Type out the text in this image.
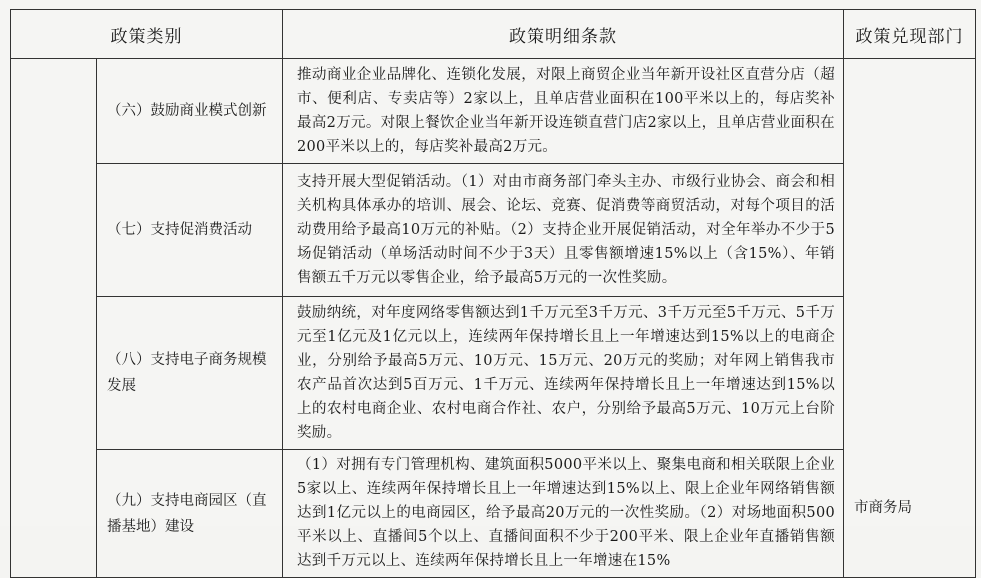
政策类别		政策明细条款	政策兑现部门
	（六）鼓励商业模式创新	推动商业企业品牌化、连锁化发展，对限上商贸企业当年新开设社区直营分店（超市、便利店、专卖店等）2家以上，且单店营业面积在100平米以上的，每店奖补最高2万元。对限上餐饮企业当年新开设连锁直营门店2家以上，且单店营业面积在200平米以上的，每店奖补最高2万元。	市商务局
	（七）支持促消费活动	支持开展大型促销活动。（1）对由市商务部门牵头主办、市级行业协会、商会和相关机构具体承办的培训、展会、论坛、竞赛、促消费等商贸活动，对每个项目的活动费用给予最高10万元的补贴。（2）支持企业开展促销活动，对全年举办不少于5场促销活动（单场活动时间不少于3天）且零售额增速15%以上（含15%）、年销售额五千万元以零售企业，给予最高5万元的一次性奖励。	
	（八）支持电子商务规模发展	鼓励纳统，对年度网络零售额达到1千万元至3千万元、3千万元至5千万元、5千万元至1亿元及1亿元以上，连续两年保持增长且上一年增速达到15%以上的电商企业，分别给予最高5万元、10万元、15万元、20万元的奖励；对年网上销售我市农产品首次达到5百万元、1千万元、连续两年保持增长且上一年增速达到15%以上的农村电商企业、农村电商合作社、农户，分别给予最高5万元、10万元上台阶奖励。	
	（九）支持电商园区（直播基地）建设	（1）对拥有专门管理机构、建筑面积5000平米以上、聚集电商和相关联限上企业5家以上、连续两年保持增长且上一年增速达到15%以上、限上企业年网络销售额达到1亿元以上的电商园区，给予最高20万元的一次性奖励。（2）对场地面积500平米以上、直播间5个以上、直播间面积不少于200平米、限上企业年直播销售额达到千万元以上、连续两年保持增长且上一年增速在15%	
